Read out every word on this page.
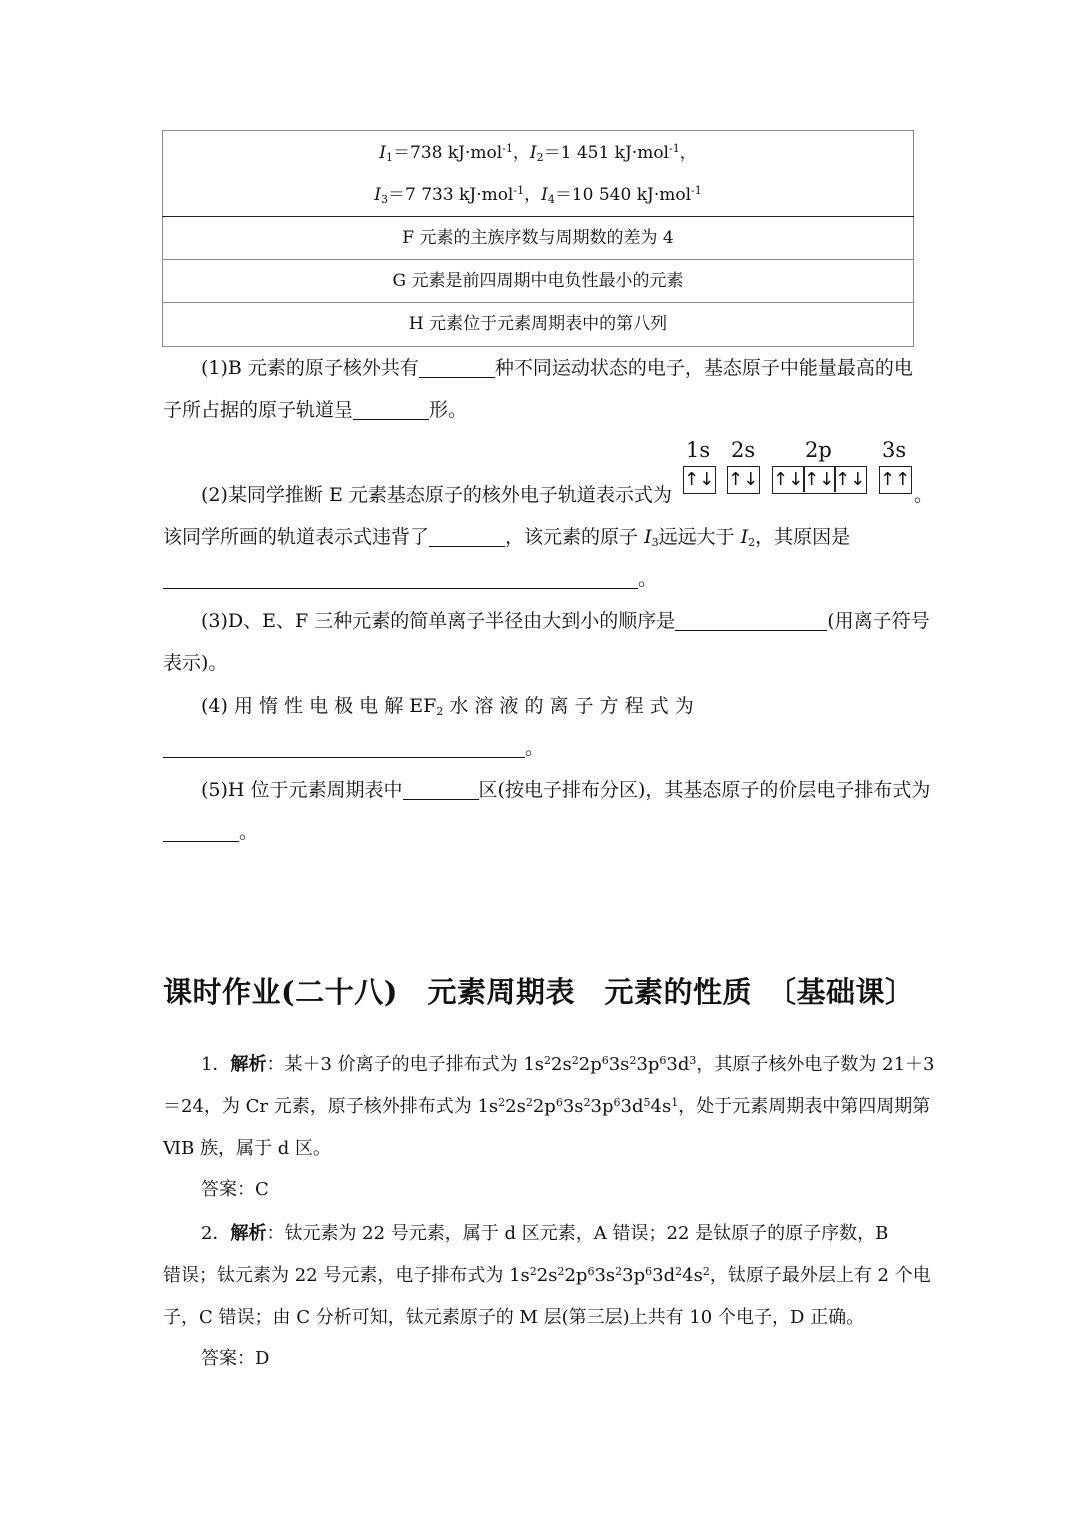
$I_1=738$ kJ·mol$^{-1}$，$I_2=1$ 451 kJ·mol$^{-1}$，
$I_3=7$ 733 kJ·mol$^{-1}$，$I_4=10$ 540 kJ·mol$^{-1}$

F 元素的主族序数与周期数的差为 4
G 元素是前四周期中电负性最小的元素
H 元素位于元素周期表中的第八列
(1)B 元素的原子核外共有	种不同运动状态的电子，基态原子中能量最高的电
子所占据的原子轨道呈	形。
(2)某同学推断 E 元素基态原子的核外电子轨道表示式为	。
1s 2s 2p 3s
↑↓ ↑↓ ↑↓ ↑↓ ↑↓ ↑↑
该同学所画的轨道表示式违背了	，该元素的原子 $I_3$远远大于 $I_2$，其原因是
。
(3)D、E、F 三种元素的简单离子半径由大到小的顺序是	(用离子符号
表示)。
(4) 用 惰 性 电 极 电 解 $EF_2$ 水 溶 液 的 离 子 方 程 式 为
。
(5)H 位于元素周期表中	区(按电子排布分区)，其基态原子的价层电子排布式为
。
课时作业(二十八)　元素周期表　元素的性质　〔基础课〕
1．解析：某＋3 价离子的电子排布式为 $1s^22s^22p^63s^23p^63d^3$，其原子核外电子数为 21＋3
＝24，为 Cr 元素，原子核外排布式为 $1s^22s^22p^63s^23p^63d^54s^1$，处于元素周期表中第四周期第
ⅥB 族，属于 d 区。
答案：C
2．解析：钛元素为 22 号元素，属于 d 区元素，A 错误；22 是钛原子的原子序数，B
错误；钛元素为 22 号元素，电子排布式为 $1s^22s^22p^63s^23p^63d^24s^2$，钛原子最外层上有 2 个电
子，C 错误；由 C 分析可知，钛元素原子的 M 层(第三层)上共有 10 个电子，D 正确。
答案：D
